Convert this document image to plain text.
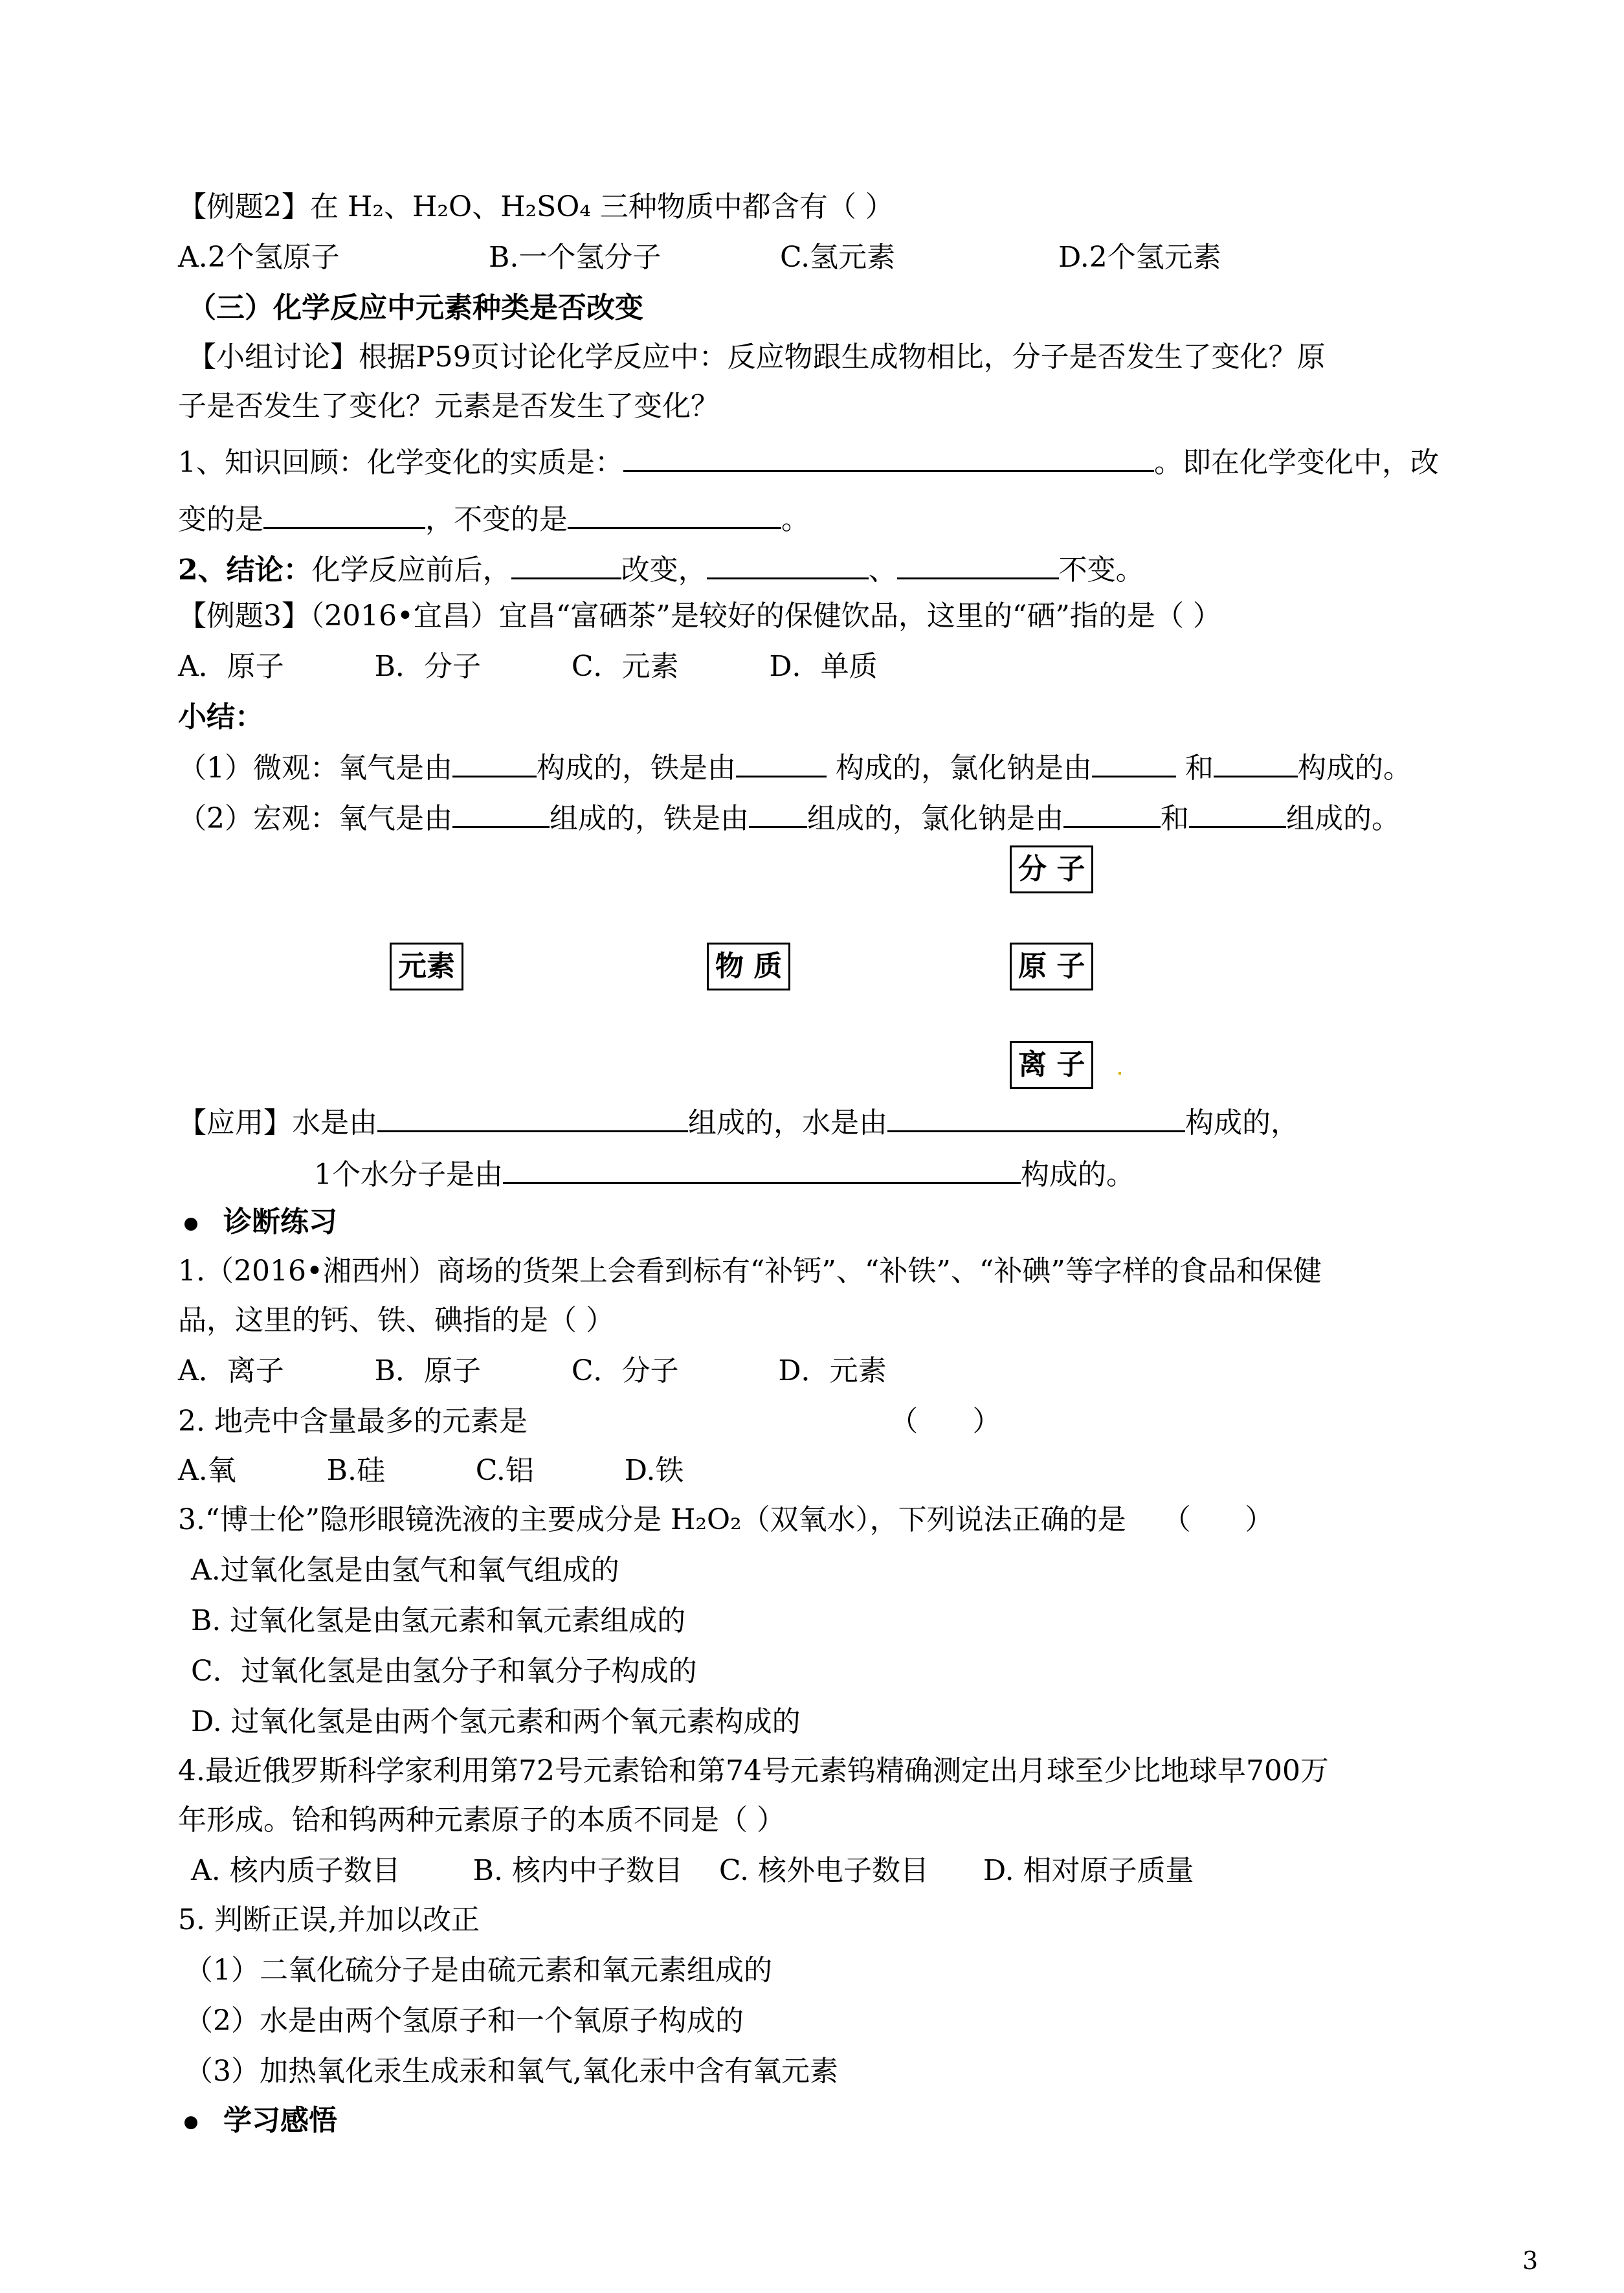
【例题2】在 H₂、H₂O、H₂SO₄ 三种物质中都含有（ ）
A.2个氢原子	B.一个氢分子	C.氢元素	D.2个氢元素
（三）化学反应中元素种类是否改变
【小组讨论】根据P59页讨论化学反应中：反应物跟生成物相比，分子是否发生了变化？原
子是否发生了变化？元素是否发生了变化？
1、知识回顾：化学变化的实质是：	。即在化学变化中，改
变的是	，不变的是	。
2、结论：化学反应前后，	改变，	、	不变。
【例题3】（2016•宜昌）宜昌“富硒茶”是较好的保健饮品，这里的“硒”指的是（ ）
A．原子          B．分子          C．元素          D．单质
小结：
（1）微观：氧气是由	构成的，铁是由	构成的，氯化钠是由	和	构成的。
（2）宏观：氧气是由	组成的，铁是由 组成的，氯化钠是由	和	组成的。
分 子
元素	物 质	原 子
离 子
【应用】水是由	组成的，水是由	构成的，
1个水分子是由	构成的。
诊断练习
1.（2016•湘西州）商场的货架上会看到标有“补钙”、“补铁”、“补碘”等字样的食品和保健
品，这里的钙、铁、碘指的是（ ）
A．离子          B．原子          C．分子           D．元素
2. 地壳中含量最多的元素是                                        （      ）
A.氧          B.硅          C.铝          D.铁
3.“博士伦”隐形眼镜洗液的主要成分是 H₂O₂（双氧水），下列说法正确的是    （      ）
A.过氧化氢是由氢气和氧气组成的
B. 过氧化氢是由氢元素和氧元素组成的
C．过氧化氢是由氢分子和氧分子构成的
D. 过氧化氢是由两个氢元素和两个氧元素构成的
4.最近俄罗斯科学家利用第72号元素铪和第74号元素钨精确测定出月球至少比地球早700万
年形成。铪和钨两种元素原子的本质不同是（ ）
A. 核内质子数目        B. 核内中子数目    C. 核外电子数目      D. 相对原子质量
5. 判断正误,并加以改正
（1）二氧化硫分子是由硫元素和氧元素组成的
（2）水是由两个氢原子和一个氧原子构成的
（3）加热氧化汞生成汞和氧气,氧化汞中含有氧元素
学习感悟
3
